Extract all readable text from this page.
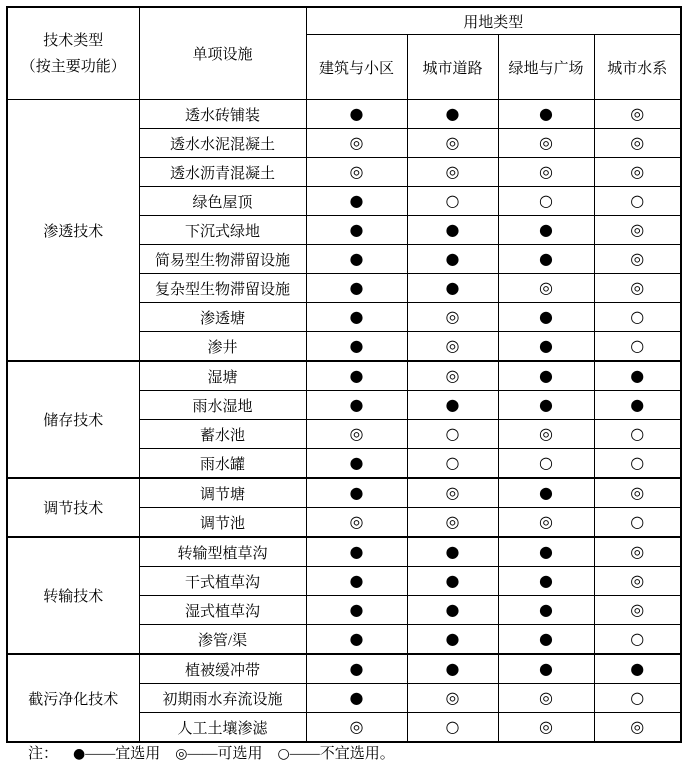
技术类型
（按主要功能）	单项设施	用地类型			
		建筑与小区	城市道路	绿地与广场	城市水系
渗透技术	透水砖铺装	●	●	●	◎
	透水水泥混凝土	◎	◎	◎	◎
	透水沥青混凝土	◎	◎	◎	◎
	绿色屋顶	●	○	○	○
	下沉式绿地	●	●	●	◎
	简易型生物滞留设施	●	●	●	◎
	复杂型生物滞留设施	●	●	◎	◎
	渗透塘	●	◎	●	○
	渗井	●	◎	●	○
储存技术	湿塘	●	◎	●	●
	雨水湿地	●	●	●	●
	蓄水池	◎	○	◎	○
	雨水罐	●	○	○	○
调节技术	调节塘	●	◎	●	◎
	调节池	◎	◎	◎	○
转输技术	转输型植草沟	●	●	●	◎
	干式植草沟	●	●	●	◎
	湿式植草沟	●	●	●	◎
	渗管/渠	●	●	●	○
截污净化技术	植被缓冲带	●	●	●	●
	初期雨水弃流设施	●	◎	◎	○
	人工土壤渗滤	◎	○	◎	◎
注： ●——宜选用 ◎——可选用 ○——不宜选用。
